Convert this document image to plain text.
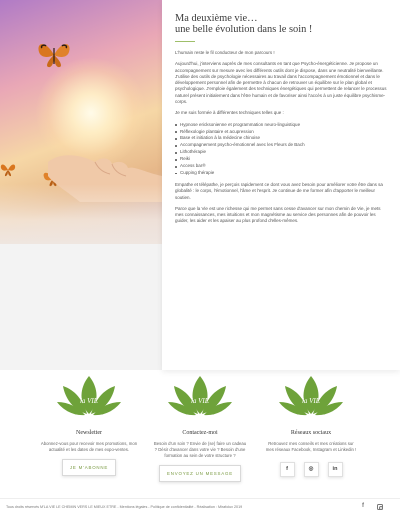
Ma deuxième vie…
une belle évolution dans le soin !

L'humain reste le fil conducteur de mon parcours !

Aujourd'hui, j'interviens auprès de mes consultants en tant que Psycho-énergéticienne. Je propose un accompagnement sur mesure avec les différents outils dont je dispose, dans une neutralité bienveillante. J'utilise des outils de psychologie nécessaires au travail dans l'accompagnement émotionnel et dans le développement personnel afin de permettre à chacun de retrouver un équilibre sur le plan global et psychologique. J'emploie également des techniques énergétiques qui permettent de relancer le processus naturel présent initialement dans l'être humain et de favoriser ainsi l'accès à un juste équilibre psychisme-corps.

Je me suis formée à différentes techniques telles que :

Hypnose ericksonienne et programmation neuro-linguistique
Réflexologie plantaire et acupression
Base et initiation à la médecine chinoise
Accompagnement psycho-émotionnel avec les Fleurs de Bach
Lithothérapie
Reiki
Access bar®
Cupping thérapie

Empathe et télépathe, je perçois rapidement ce dont vous avez besoin pour améliorer votre être dans sa globalité : le corps, l'émotionnel, l'âme et l'esprit. Je continue de me former afin d'apporter le meilleur soutien.

Parce que la Vie est une richesse qui me permet sans cesse d'avancer sur mon chemin de Vie, je mets mes connaissances, mes intuitions et mon magnétisme au service des personnes afin de pouvoir les guider, les aider et les apaiser au plus profond d'elles-mêmes.

la VIE
Newsletter

Abonnez-vous pour recevoir mes promotions, mon actualité et les dates de mes expo-ventes.

JE M'ABONNE
la VIE
Contactez-moi

Besoin d'un soin ? Envie de (se) faire un cadeau ? Désir d'avancer dans votre vie ? Besoin d'une formation au sein de votre structure ?

ENVOYEZ UN MESSAGE
la VIE
Réseaux sociaux

Retrouvez mes conseils et mes créations sur mes réseaux Facebook, Instagram et Linkedin !

f	◎	in
Tous droits réservés M'LA VIE LE CHEMIN VERS LE MIEUX ETRE - Mentions légales - Politique de confidentialité - Réalisation : Mirafolux 2019	f
